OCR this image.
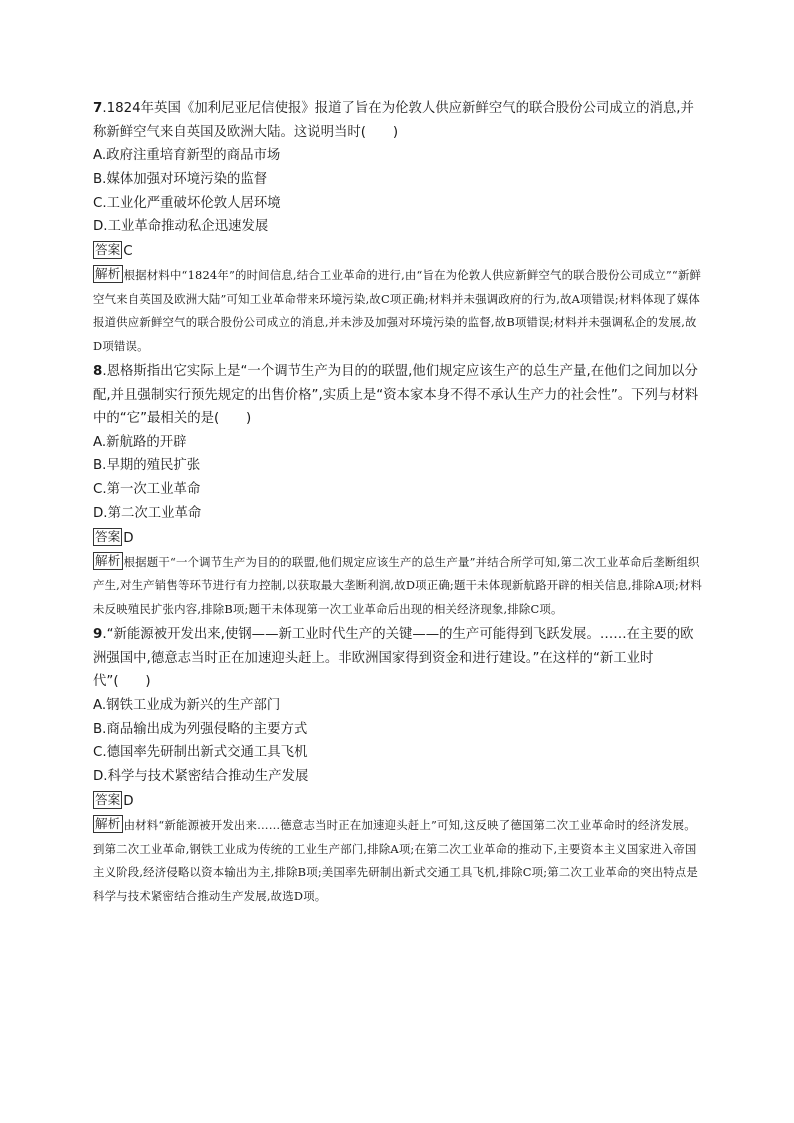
7.1824年英国《加利尼亚尼信使报》报道了旨在为伦敦人供应新鲜空气的联合股份公司成立的消息,并称新鲜空气来自英国及欧洲大陆。这说明当时(　　)

A.政府注重培育新型的商品市场

B.媒体加强对环境污染的监督

C.工业化严重破坏伦敦人居环境

D.工业革命推动私企迅速发展

答案 C

解析 根据材料中“1824年”的时间信息,结合工业革命的进行,由“旨在为伦敦人供应新鲜空气的联合股份公司成立”“新鲜空气来自英国及欧洲大陆”可知工业革命带来环境污染,故C项正确;材料并未强调政府的行为,故A项错误;材料体现了媒体报道供应新鲜空气的联合股份公司成立的消息,并未涉及加强对环境污染的监督,故B项错误;材料并未强调私企的发展,故D项错误。

8.恩格斯指出它实际上是“一个调节生产为目的的联盟,他们规定应该生产的总生产量,在他们之间加以分配,并且强制实行预先规定的出售价格”,实质上是“资本家本身不得不承认生产力的社会性”。下列与材料中的“它”最相关的是(　　)

A.新航路的开辟

B.早期的殖民扩张

C.第一次工业革命

D.第二次工业革命

答案 D

解析 根据题干“一个调节生产为目的的联盟,他们规定应该生产的总生产量”并结合所学可知,第二次工业革命后垄断组织产生,对生产销售等环节进行有力控制,以获取最大垄断利润,故D项正确;题干未体现新航路开辟的相关信息,排除A项;材料未反映殖民扩张内容,排除B项;题干未体现第一次工业革命后出现的相关经济现象,排除C项。

9.“新能源被开发出来,使钢——新工业时代生产的关键——的生产可能得到飞跃发展。……在主要的欧洲强国中,德意志当时正在加速迎头赶上。非欧洲国家得到资金和进行建设。”在这样的“新工业时代”(　　)

A.钢铁工业成为新兴的生产部门

B.商品输出成为列强侵略的主要方式

C.德国率先研制出新式交通工具飞机

D.科学与技术紧密结合推动生产发展

答案 D

解析 由材料“新能源被开发出来……德意志当时正在加速迎头赶上”可知,这反映了德国第二次工业革命时的经济发展。到第二次工业革命,钢铁工业成为传统的工业生产部门,排除A项;在第二次工业革命的推动下,主要资本主义国家进入帝国主义阶段,经济侵略以资本输出为主,排除B项;美国率先研制出新式交通工具飞机,排除C项;第二次工业革命的突出特点是科学与技术紧密结合推动生产发展,故选D项。
